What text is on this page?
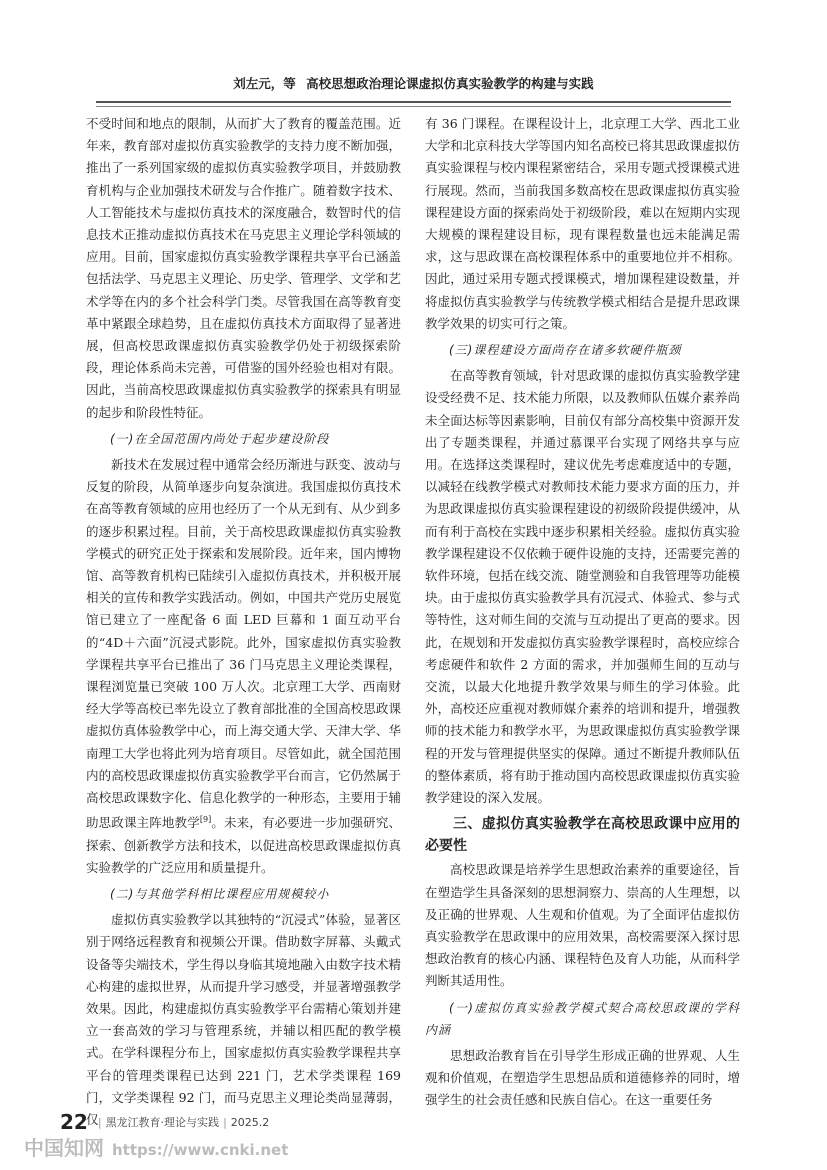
刘左元，等 高校思想政治理论课虚拟仿真实验教学的构建与实践

不受时间和地点的限制，从而扩大了教育的覆盖范围。近年来，教育部对虚拟仿真实验教学的支持力度不断加强，推出了一系列国家级的虚拟仿真实验教学项目，并鼓励教育机构与企业加强技术研发与合作推广。随着数字技术、人工智能技术与虚拟仿真技术的深度融合，数智时代的信息技术正推动虚拟仿真技术在马克思主义理论学科领域的应用。目前，国家虚拟仿真实验教学课程共享平台已涵盖包括法学、马克思主义理论、历史学、管理学、文学和艺术学等在内的多个社会科学门类。尽管我国在高等教育变革中紧跟全球趋势，且在虚拟仿真技术方面取得了显著进展，但高校思政课虚拟仿真实验教学仍处于初级探索阶段，理论体系尚未完善，可借鉴的国外经验也相对有限。因此，当前高校思政课虚拟仿真实验教学的探索具有明显的起步和阶段性特征。

(一)在全国范围内尚处于起步建设阶段

新技术在发展过程中通常会经历渐进与跃变、波动与反复的阶段，从简单逐步向复杂演进。我国虚拟仿真技术在高等教育领域的应用也经历了一个从无到有、从少到多的逐步积累过程。目前，关于高校思政课虚拟仿真实验教学模式的研究正处于探索和发展阶段。近年来，国内博物馆、高等教育机构已陆续引入虚拟仿真技术，并积极开展相关的宣传和教学实践活动。例如，中国共产党历史展览馆已建立了一座配备 6 面 LED 巨幕和 1 面互动平台的“4D＋六面”沉浸式影院。此外，国家虚拟仿真实验教学课程共享平台已推出了 36 门马克思主义理论类课程，课程浏览量已突破 100 万人次。北京理工大学、西南财经大学等高校已率先设立了教育部批准的全国高校思政课虚拟仿真体验教学中心，而上海交通大学、天津大学、华南理工大学也将此列为培育项目。尽管如此，就全国范围内的高校思政课虚拟仿真实验教学平台而言，它仍然属于高校思政课数字化、信息化教学的一种形态，主要用于辅助思政课主阵地教学[9]。未来，有必要进一步加强研究、探索、创新教学方法和技术，以促进高校思政课虚拟仿真实验教学的广泛应用和质量提升。

(二)与其他学科相比课程应用规模较小

虚拟仿真实验教学以其独特的“沉浸式”体验，显著区别于网络远程教育和视频公开课。借助数字屏幕、头戴式设备等尖端技术，学生得以身临其境地融入由数字技术精心构建的虚拟世界，从而提升学习感受，并显著增强教学效果。因此，构建虚拟仿真实验教学平台需精心策划并建立一套高效的学习与管理系统，并辅以相匹配的教学模式。在学科课程分布上，国家虚拟仿真实验教学课程共享平台的管理类课程已达到 221 门，艺术学类课程 169 门，文学类课程 92 门，而马克思主义理论类尚显薄弱，仅

有 36 门课程。在课程设计上，北京理工大学、西北工业大学和北京科技大学等国内知名高校已将其思政课虚拟仿真实验课程与校内课程紧密结合，采用专题式授课模式进行展现。然而，当前我国多数高校在思政课虚拟仿真实验课程建设方面的探索尚处于初级阶段，难以在短期内实现大规模的课程建设目标，现有课程数量也远未能满足需求，这与思政课在高校课程体系中的重要地位并不相称。因此，通过采用专题式授课模式，增加课程建设数量，并将虚拟仿真实验教学与传统教学模式相结合是提升思政课教学效果的切实可行之策。

(三)课程建设方面尚存在诸多软硬件瓶颈

在高等教育领域，针对思政课的虚拟仿真实验教学建设受经费不足、技术能力所限，以及教师队伍媒介素养尚未全面达标等因素影响，目前仅有部分高校集中资源开发出了专题类课程，并通过慕课平台实现了网络共享与应用。在选择这类课程时，建议优先考虑难度适中的专题，以减轻在线教学模式对教师技术能力要求方面的压力，并为思政课虚拟仿真实验课程建设的初级阶段提供缓冲，从而有利于高校在实践中逐步积累相关经验。虚拟仿真实验教学课程建设不仅依赖于硬件设施的支持，还需要完善的软件环境，包括在线交流、随堂测验和自我管理等功能模块。由于虚拟仿真实验教学具有沉浸式、体验式、参与式等特性，这对师生间的交流与互动提出了更高的要求。因此，在规划和开发虚拟仿真实验教学课程时，高校应综合考虑硬件和软件 2 方面的需求，并加强师生间的互动与交流，以最大化地提升教学效果与师生的学习体验。此外，高校还应重视对教师媒介素养的培训和提升，增强教师的技术能力和教学水平，为思政课虚拟仿真实验教学课程的开发与管理提供坚实的保障。通过不断提升教师队伍的整体素质，将有助于推动国内高校思政课虚拟仿真实验教学建设的深入发展。

三、虚拟仿真实验教学在高校思政课中应用的必要性

高校思政课是培养学生思想政治素养的重要途径，旨在塑造学生具备深刻的思想洞察力、崇高的人生理想，以及正确的世界观、人生观和价值观。为了全面评估虚拟仿真实验教学在思政课中的应用效果，高校需要深入探讨思想政治教育的核心内涵、课程特色及育人功能，从而科学判断其适用性。

(一)虚拟仿真实验教学模式契合高校思政课的学科内涵

思想政治教育旨在引导学生形成正确的世界观、人生观和价值观，在塑造学生思想品质和道德修养的同时，增强学生的社会责任感和民族自信心。在这一重要任务

22 | 黑龙江教育·理论与实践 | 2025.2
中国知网 https://www.cnki.net
